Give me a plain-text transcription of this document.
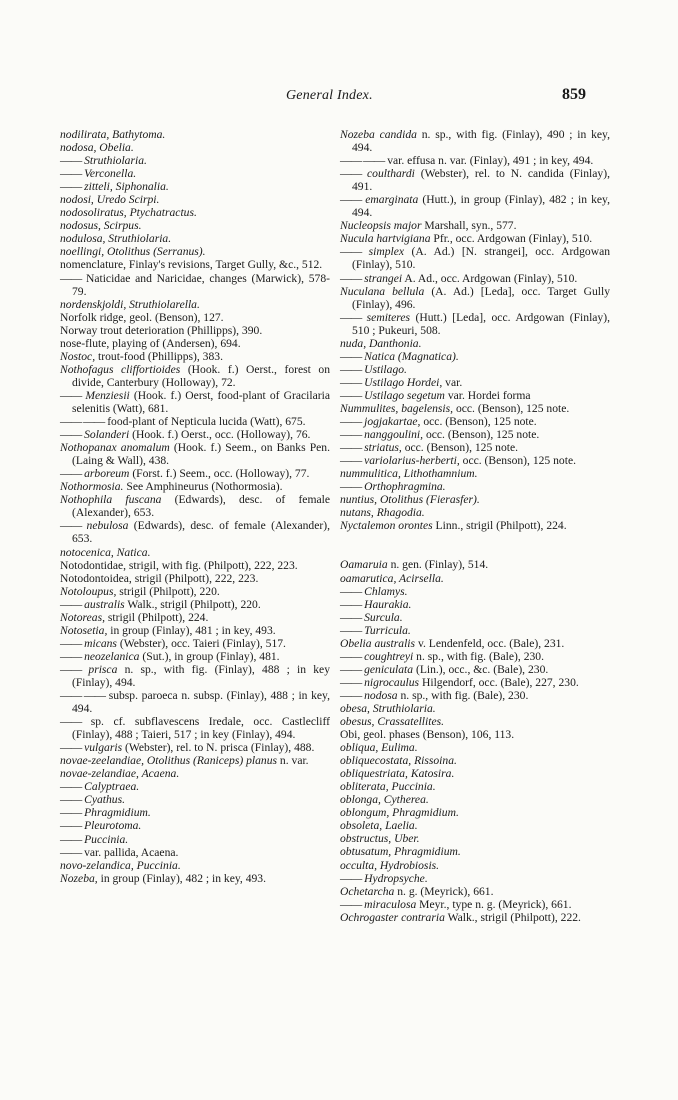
General Index.	859

nodilirata, Bathytoma.

nodosa, Obelia.

—— Struthiolaria.

—— Verconella.

—— zitteli, Siphonalia.

nodosi, Uredo Scirpi.

nodosoliratus, Ptychatractus.

nodosus, Scirpus.

nodulosa, Struthiolaria.

noellingi, Otolithus (Serranus).

nomenclature, Finlay's revisions, Target Gully, &c., 512.

—— Naticidae and Naricidae, changes (Marwick), 578-79.

nordenskjoldi, Struthiolarella.

Norfolk ridge, geol. (Benson), 127.

Norway trout deterioration (Phillipps), 390.

nose-flute, playing of (Andersen), 694.

Nostoc, trout-food (Phillipps), 383.

Nothofagus cliffortioides (Hook. f.) Oerst., forest on divide, Canterbury (Holloway), 72.

—— Menziesii (Hook. f.) Oerst, food-plant of Gracilaria selenitis (Watt), 681.

—— —— food-plant of Nepticula lucida (Watt), 675.

—— Solanderi (Hook. f.) Oerst., occ. (Holloway), 76.

Nothopanax anomalum (Hook. f.) Seem., on Banks Pen. (Laing & Wall), 438.

—— arboreum (Forst. f.) Seem., occ. (Holloway), 77.

Nothormosia. See Amphineurus (Nothormosia).

Nothophila fuscana (Edwards), desc. of female (Alexander), 653.

—— nebulosa (Edwards), desc. of female (Alexander), 653.

notocenica, Natica.

Notodontidae, strigil, with fig. (Philpott), 222, 223.

Notodontoidea, strigil (Philpott), 222, 223.

Notoloupus, strigil (Philpott), 220.

—— australis Walk., strigil (Philpott), 220.

Notoreas, strigil (Philpott), 224.

Notosetia, in group (Finlay), 481 ; in key, 493.

—— micans (Webster), occ. Taieri (Finlay), 517.

—— neozelanica (Sut.), in group (Finlay), 481.

—— prisca n. sp., with fig. (Finlay), 488 ; in key (Finlay), 494.

—— —— subsp. paroeca n. subsp. (Finlay), 488 ; in key, 494.

—— sp. cf. subflavescens Iredale, occ. Castlecliff (Finlay), 488 ; Taieri, 517 ; in key (Finlay), 494.

—— vulgaris (Webster), rel. to N. prisca (Finlay), 488.

novae-zeelandiae, Otolithus (Raniceps) planus n. var.

novae-zelandiae, Acaena.

—— Calyptraea.

—— Cyathus.

—— Phragmidium.

—— Pleurotoma.

—— Puccinia.

—— var. pallida, Acaena.

novo-zelandica, Puccinia.

Nozeba, in group (Finlay), 482 ; in key, 493.

Nozeba candida n. sp., with fig. (Finlay), 490 ; in key, 494.

—— —— var. effusa n. var. (Finlay), 491 ; in key, 494.

—— coulthardi (Webster), rel. to N. candida (Finlay), 491.

—— emarginata (Hutt.), in group (Finlay), 482 ; in key, 494.

Nucleopsis major Marshall, syn., 577.

Nucula hartvigiana Pfr., occ. Ardgowan (Finlay), 510.

—— simplex (A. Ad.) [N. strangei], occ. Ardgowan (Finlay), 510.

—— strangei A. Ad., occ. Ardgowan (Finlay), 510.

Nuculana bellula (A. Ad.) [Leda], occ. Target Gully (Finlay), 496.

—— semiteres (Hutt.) [Leda], occ. Ardgowan (Finlay), 510 ; Pukeuri, 508.

nuda, Danthonia.

—— Natica (Magnatica).

—— Ustilago.

—— Ustilago Hordei, var.

—— Ustilago segetum var. Hordei forma

Nummulites, bagelensis, occ. (Benson), 125 note.

—— jogjakartae, occ. (Benson), 125 note.

—— nanggoulini, occ. (Benson), 125 note.

—— striatus, occ. (Benson), 125 note.

—— variolarius-herberti, occ. (Benson), 125 note.

nummulitica, Lithothamnium.

—— Orthophragmina.

nuntius, Otolithus (Fierasfer).

nutans, Rhagodia.

Nyctalemon orontes Linn., strigil (Philpott), 224.

Oamaruia n. gen. (Finlay), 514.

oamarutica, Acirsella.

—— Chlamys.

—— Haurakia.

—— Surcula.

—— Turricula.

Obelia australis v. Lendenfeld, occ. (Bale), 231.

—— coughtreyi n. sp., with fig. (Bale), 230.

—— geniculata (Lin.), occ., &c. (Bale), 230.

—— nigrocaulus Hilgendorf, occ. (Bale), 227, 230.

—— nodosa n. sp., with fig. (Bale), 230.

obesa, Struthiolaria.

obesus, Crassatellites.

Obi, geol. phases (Benson), 106, 113.

obliqua, Eulima.

obliquecostata, Rissoina.

obliquestriata, Katosira.

obliterata, Puccinia.

oblonga, Cytherea.

oblongum, Phragmidium.

obsoleta, Laelia.

obstructus, Uber.

obtusatum, Phragmidium.

occulta, Hydrobiosis.

—— Hydropsyche.

Ochetarcha n. g. (Meyrick), 661.

—— miraculosa Meyr., type n. g. (Meyrick), 661.

Ochrogaster contraria Walk., strigil (Philpott), 222.
